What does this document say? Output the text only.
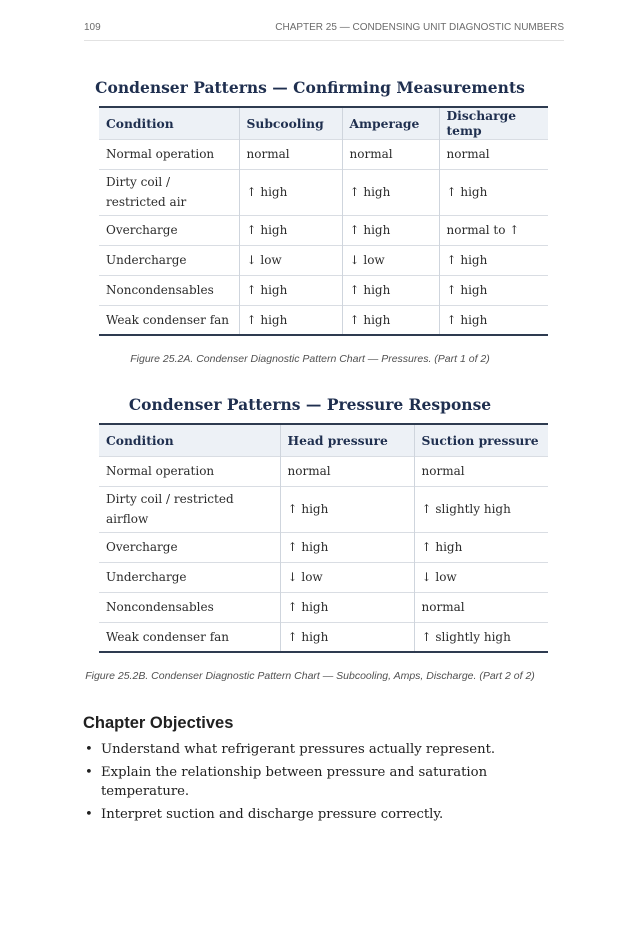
109	CHAPTER 25 — CONDENSING UNIT DIAGNOSTIC NUMBERS
Condenser Patterns — Confirming Measurements
Condition	Subcooling	Amperage	Discharge temp
Normal operation	normal	normal	normal
Dirty coil /
restricted air	↑ high	↑ high	↑ high
Overcharge	↑ high	↑ high	normal to ↑
Undercharge	↓ low	↓ low	↑ high
Noncondensables	↑ high	↑ high	↑ high
Weak condenser fan	↑ high	↑ high	↑ high
Figure 25.2A. Condenser Diagnostic Pattern Chart — Pressures. (Part 1 of 2)
Condenser Patterns — Pressure Response
Condition	Head pressure	Suction pressure
Normal operation	normal	normal
Dirty coil / restricted
airflow	↑ high	↑ slightly high
Overcharge	↑ high	↑ high
Undercharge	↓ low	↓ low
Noncondensables	↑ high	normal
Weak condenser fan	↑ high	↑ slightly high
Figure 25.2B. Condenser Diagnostic Pattern Chart — Subcooling, Amps, Discharge. (Part 2 of 2)
Chapter Objectives
• Understand what refrigerant pressures actually represent.
• Explain the relationship between pressure and saturation temperature.
• Interpret suction and discharge pressure correctly.
